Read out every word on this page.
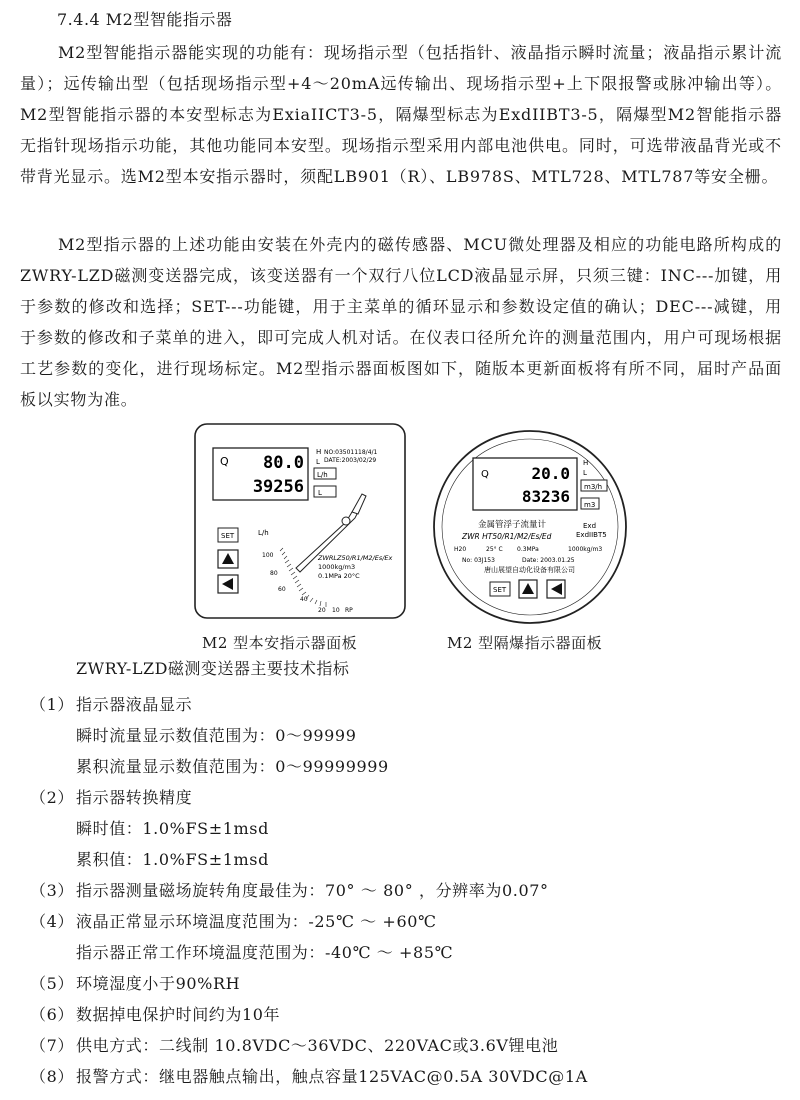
7.4.4 M2型智能指示器
M2型智能指示器能实现的功能有：现场指示型（包括指针、液晶指示瞬时流量；液晶指示累计流量）；远传输出型（包括现场指示型+4～20mA远传输出、现场指示型+上下限报警或脉冲输出等）。M2型智能指示器的本安型标志为ExiaIICT3-5，隔爆型标志为ExdIIBT3-5，隔爆型M2智能指示器无指针现场指示功能，其他功能同本安型。现场指示型采用内部电池供电。同时，可选带液晶背光或不带背光显示。选M2型本安指示器时，须配LB901（R）、LB978S、MTL728、MTL787等安全栅。
M2型指示器的上述功能由安装在外壳内的磁传感器、MCU微处理器及相应的功能电路所构成的ZWRY-LZD磁测变送器完成，该变送器有一个双行八位LCD液晶显示屏，只须三键：INC---加键，用于参数的修改和选择；SET---功能键，用于主菜单的循环显示和参数设定值的确认；DEC---减键，用于参数的修改和子菜单的进入，即可完成人机对话。在仪表口径所允许的测量范围内，用户可现场根据工艺参数的变化，进行现场标定。M2型指示器面板图如下，随版本更新面板将有所不同，届时产品面板以实物为准。
Q 80.0
39256
H
L
NO:03501118/4/1
DATE:2003/02/29
L/h
L
SET	L/h
100
80
60
40
20 10 RP
ZWRLZ50/R1/M2/Es/Ex
1000kg/m3
0.1MPa 20°C
Q	20.0
83236
H
L
m3/h
m3
金属管浮子流量计	Exd
ExdIIBT5
ZWR HT50/R1/M2/Es/Ed
H20	25° C 0.3MPa	1000kg/m3
No: 03J153	Date: 2003.01.25
唐山展望自动化设备有限公司
SET
M2 型本安指示器面板	M2 型隔爆指示器面板
ZWRY-LZD磁测变送器主要技术指标
（1） 指示器液晶显示
瞬时流量显示数值范围为：0～99999
累积流量显示数值范围为：0～99999999
（2） 指示器转换精度
瞬时值：1.0%FS±1msd
累积值：1.0%FS±1msd
（3） 指示器测量磁场旋转角度最佳为：70° ～ 80° ，分辨率为0.07°
（4） 液晶正常显示环境温度范围为：-25℃ ～ +60℃
指示器正常工作环境温度范围为：-40℃ ～ +85℃
（5） 环境湿度小于90%RH
（6） 数据掉电保护时间约为10年
（7） 供电方式：二线制 10.8VDC～36VDC、220VAC或3.6V锂电池
（8） 报警方式：继电器触点输出，触点容量125VAC@0.5A 30VDC@1A
